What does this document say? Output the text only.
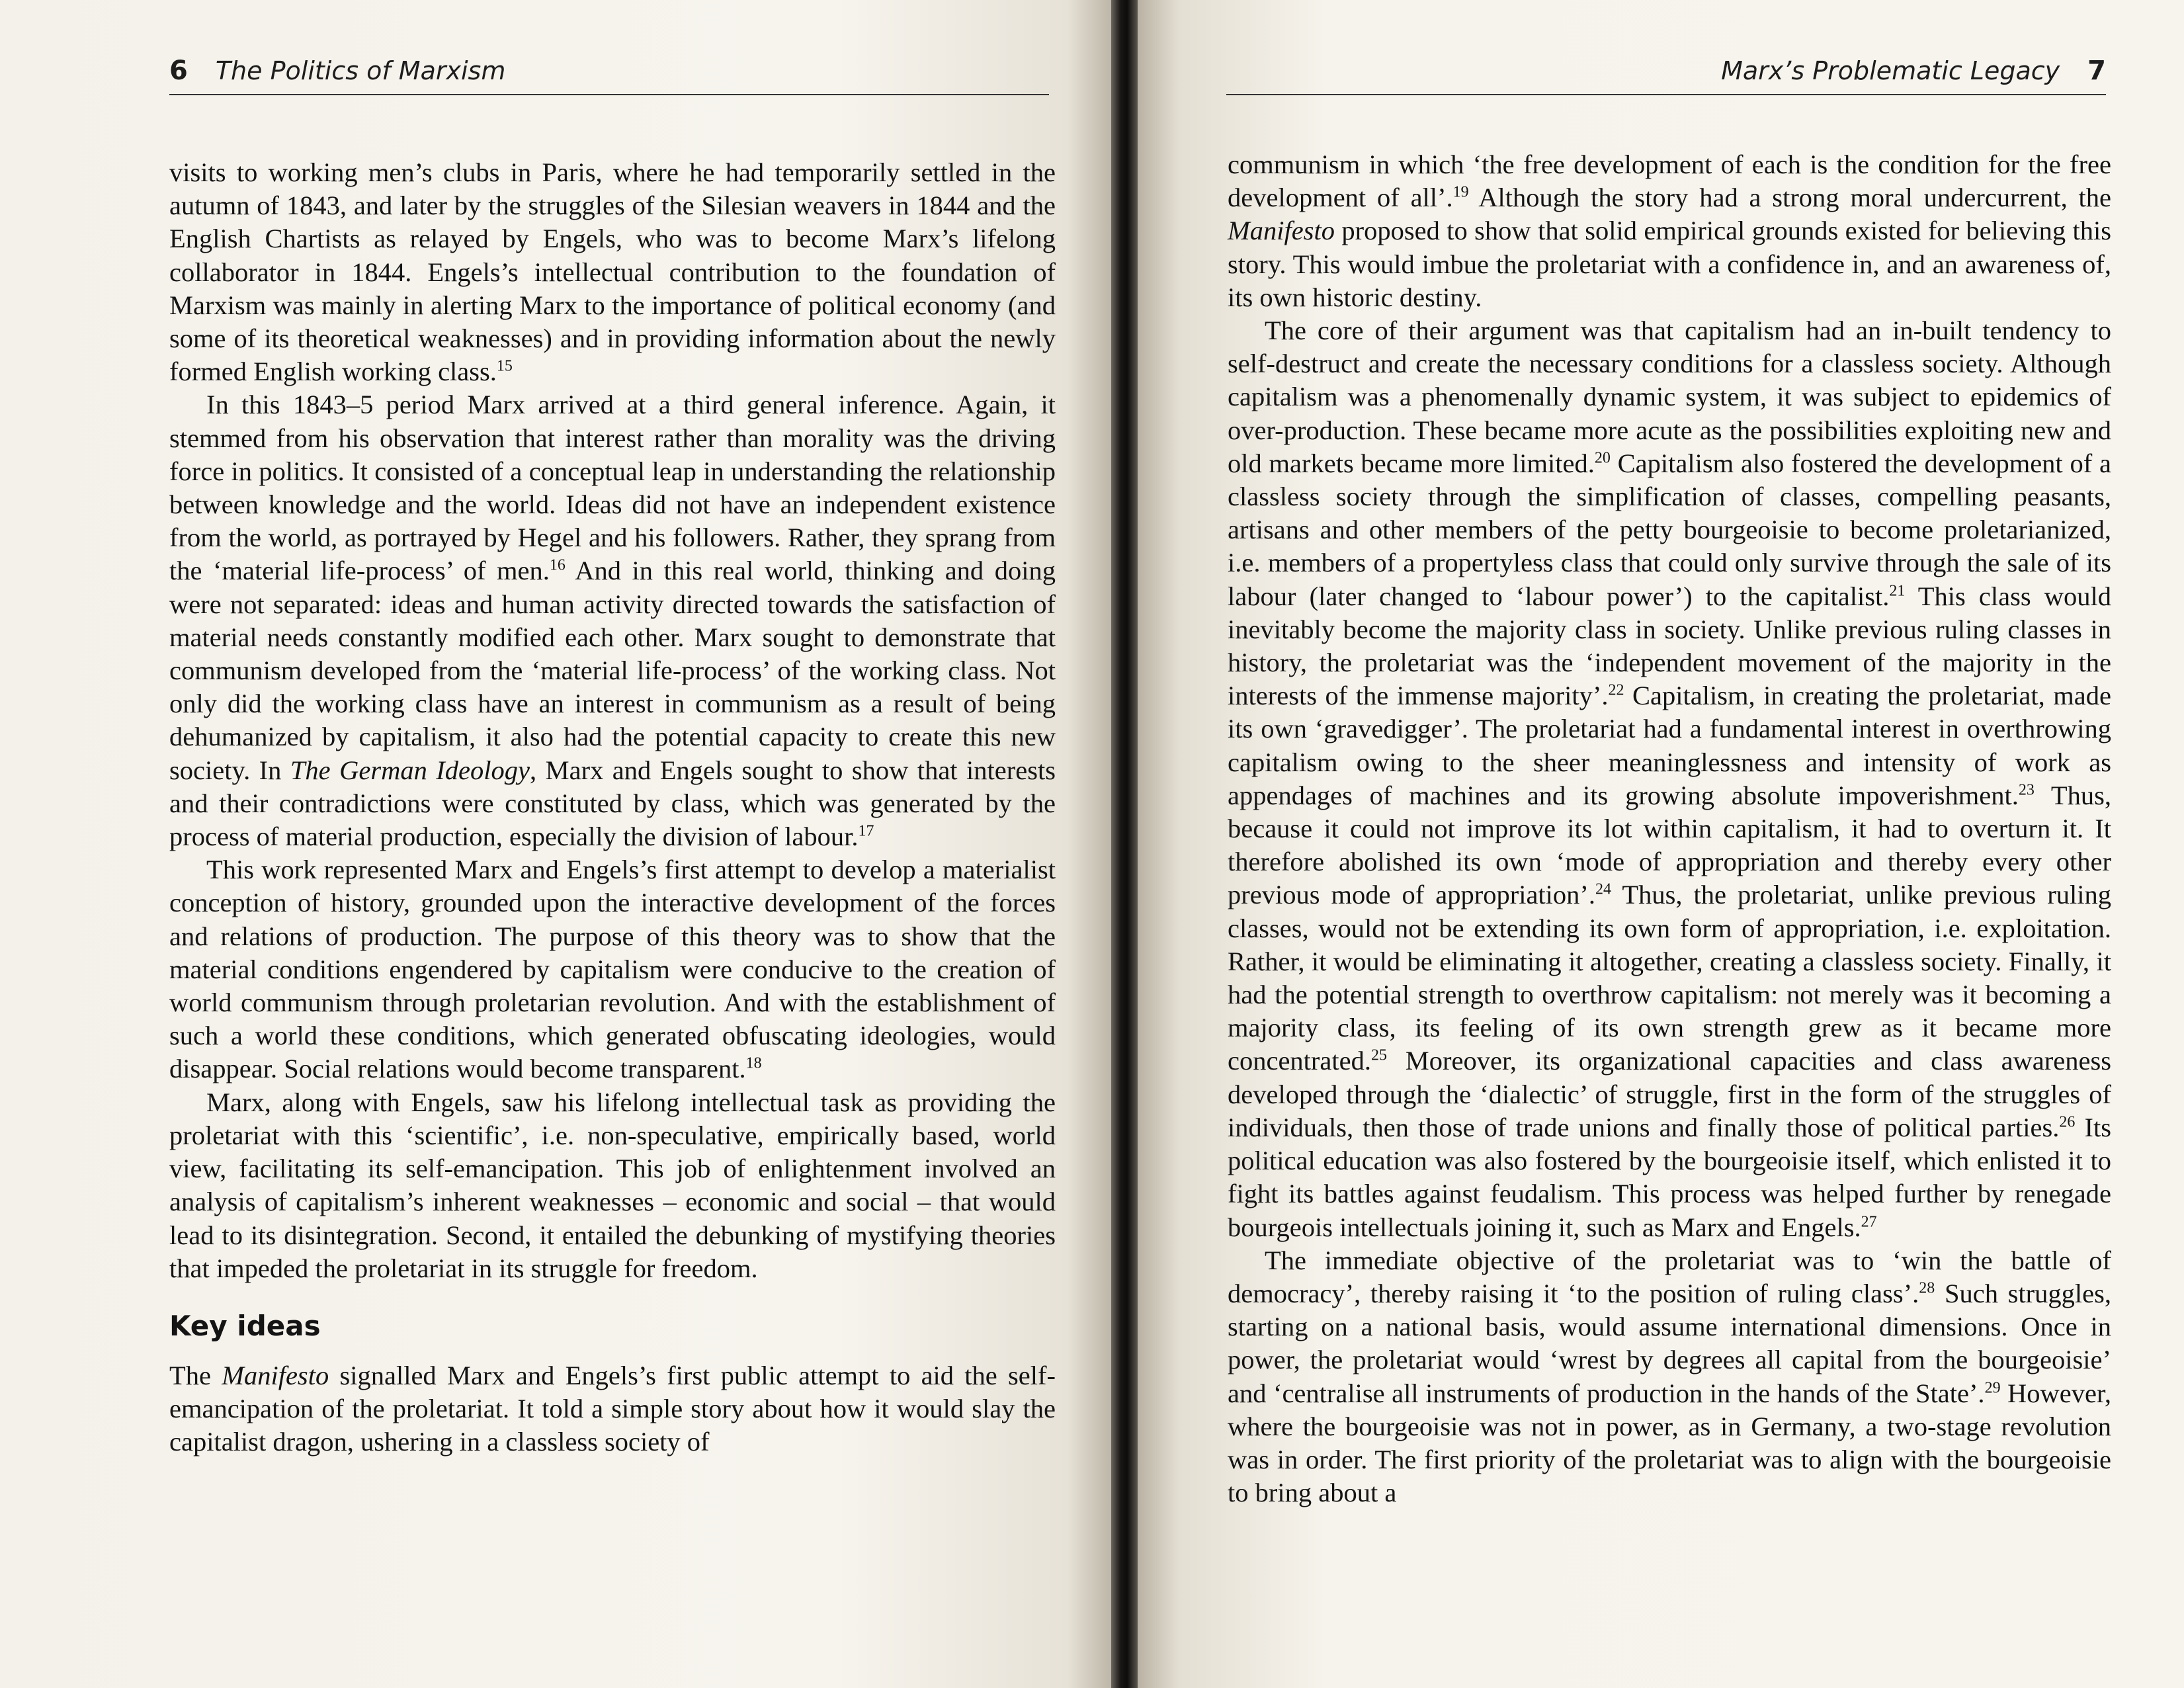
6 The Politics of Marxism

visits to working men’s clubs in Paris, where he had temporarily settled in the autumn of 1843, and later by the struggles of the Silesian weavers in 1844 and the English Chartists as relayed by Engels, who was to become Marx’s lifelong collaborator in 1844. Engels’s intellectual contribution to the foundation of Marxism was mainly in alerting Marx to the importance of political economy (and some of its theoretical weaknesses) and in providing information about the newly formed English working class.$^{15}$

In this 1843–5 period Marx arrived at a third general inference. Again, it stemmed from his observation that interest rather than morality was the driving force in politics. It consisted of a conceptual leap in understanding the relationship between knowledge and the world. Ideas did not have an independent existence from the world, as portrayed by Hegel and his followers. Rather, they sprang from the ‘material life-process’ of men.$^{16}$ And in this real world, thinking and doing were not separated: ideas and human activity directed towards the satisfaction of material needs constantly modified each other. Marx sought to demonstrate that communism developed from the ‘material life-process’ of the working class. Not only did the working class have an interest in communism as a result of being dehumanized by capitalism, it also had the potential capacity to create this new society. In The German Ideology, Marx and Engels sought to show that interests and their contradictions were constituted by class, which was generated by the process of material production, especially the division of labour.$^{17}$

This work represented Marx and Engels’s first attempt to develop a materialist conception of history, grounded upon the interactive development of the forces and relations of production. The purpose of this theory was to show that the material conditions engendered by capitalism were conducive to the creation of world communism through proletarian revolution. And with the establishment of such a world these conditions, which generated obfuscating ideologies, would disappear. Social relations would become transparent.$^{18}$

Marx, along with Engels, saw his lifelong intellectual task as providing the proletariat with this ‘scientific’, i.e. non-speculative, empirically based, world view, facilitating its self-emancipation. This job of enlightenment involved an analysis of capitalism’s inherent weaknesses – economic and social – that would lead to its disintegration. Second, it entailed the debunking of mystifying theories that impeded the proletariat in its struggle for freedom.

Key ideas

The Manifesto signalled Marx and Engels’s first public attempt to aid the self-emancipation of the proletariat. It told a simple story about how it would slay the capitalist dragon, ushering in a classless society of

Marx’s Problematic Legacy 7

communism in which ‘the free development of each is the condition for the free development of all’.$^{19}$ Although the story had a strong moral undercurrent, the Manifesto proposed to show that solid empirical grounds existed for believing this story. This would imbue the proletariat with a confidence in, and an awareness of, its own historic destiny.

The core of their argument was that capitalism had an in-built tendency to self-destruct and create the necessary conditions for a classless society. Although capitalism was a phenomenally dynamic system, it was subject to epidemics of over-production. These became more acute as the possibilities exploiting new and old markets became more limited.$^{20}$ Capitalism also fostered the development of a classless society through the simplification of classes, compelling peasants, artisans and other members of the petty bourgeoisie to become proletarianized, i.e. members of a propertyless class that could only survive through the sale of its labour (later changed to ‘labour power’) to the capitalist.$^{21}$ This class would inevitably become the majority class in society. Unlike previous ruling classes in history, the proletariat was the ‘independent movement of the majority in the interests of the immense majority’.$^{22}$ Capitalism, in creating the proletariat, made its own ‘gravedigger’. The proletariat had a fundamental interest in overthrowing capitalism owing to the sheer meaninglessness and intensity of work as appendages of machines and its growing absolute impoverishment.$^{23}$ Thus, because it could not improve its lot within capitalism, it had to overturn it. It therefore abolished its own ‘mode of appropriation and thereby every other previous mode of appropriation’.$^{24}$ Thus, the proletariat, unlike previous ruling classes, would not be extending its own form of appropriation, i.e. exploitation. Rather, it would be eliminating it altogether, creating a classless society. Finally, it had the potential strength to overthrow capitalism: not merely was it becoming a majority class, its feeling of its own strength grew as it became more concentrated.$^{25}$ Moreover, its organizational capacities and class awareness developed through the ‘dialectic’ of struggle, first in the form of the struggles of individuals, then those of trade unions and finally those of political parties.$^{26}$ Its political education was also fostered by the bourgeoisie itself, which enlisted it to fight its battles against feudalism. This process was helped further by renegade bourgeois intellectuals joining it, such as Marx and Engels.$^{27}$

The immediate objective of the proletariat was to ‘win the battle of democracy’, thereby raising it ‘to the position of ruling class’.$^{28}$ Such struggles, starting on a national basis, would assume international dimensions. Once in power, the proletariat would ‘wrest by degrees all capital from the bourgeoisie’ and ‘centralise all instruments of production in the hands of the State’.$^{29}$ However, where the bourgeoisie was not in power, as in Germany, a two-stage revolution was in order. The first priority of the proletariat was to align with the bourgeoisie to bring about a
